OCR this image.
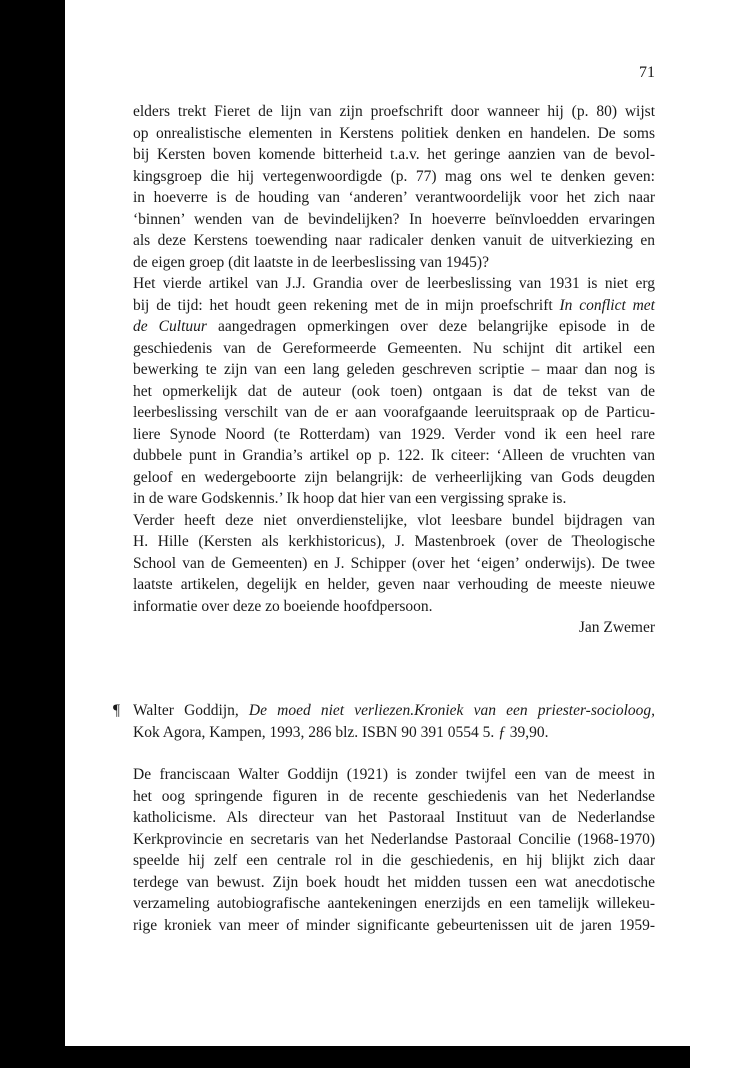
71
elders trekt Fieret de lijn van zijn proefschrift door wanneer hij (p. 80) wijst
op onrealistische elementen in Kerstens politiek denken en handelen. De soms
bij Kersten boven komende bitterheid t.a.v. het geringe aanzien van de bevol-
kingsgroep die hij vertegenwoordigde (p. 77) mag ons wel te denken geven:
in hoeverre is de houding van ‘anderen’ verantwoordelijk voor het zich naar
‘binnen’ wenden van de bevindelijken? In hoeverre beïnvloedden ervaringen
als deze Kerstens toewending naar radicaler denken vanuit de uitverkiezing en
de eigen groep (dit laatste in de leerbeslissing van 1945)?
Het vierde artikel van J.J. Grandia over de leerbeslissing van 1931 is niet erg
bij de tijd: het houdt geen rekening met de in mijn proefschrift In conflict met
de Cultuur aangedragen opmerkingen over deze belangrijke episode in de
geschiedenis van de Gereformeerde Gemeenten. Nu schijnt dit artikel een
bewerking te zijn van een lang geleden geschreven scriptie – maar dan nog is
het opmerkelijk dat de auteur (ook toen) ontgaan is dat de tekst van de
leerbeslissing verschilt van de er aan voorafgaande leeruitspraak op de Particu-
liere Synode Noord (te Rotterdam) van 1929. Verder vond ik een heel rare
dubbele punt in Grandia’s artikel op p. 122. Ik citeer: ‘Alleen de vruchten van
geloof en wedergeboorte zijn belangrijk: de verheerlijking van Gods deugden
in de ware Godskennis.’ Ik hoop dat hier van een vergissing sprake is.
Verder heeft deze niet onverdienstelijke, vlot leesbare bundel bijdragen van
H. Hille (Kersten als kerkhistoricus), J. Mastenbroek (over de Theologische
School van de Gemeenten) en J. Schipper (over het ‘eigen’ onderwijs). De twee
laatste artikelen, degelijk en helder, geven naar verhouding de meeste nieuwe
informatie over deze zo boeiende hoofdpersoon.
Jan Zwemer
¶ Walter Goddijn, De moed niet verliezen.Kroniek van een priester-socioloog,
Kok Agora, Kampen, 1993, 286 blz. ISBN 90 391 0554 5. ƒ 39,90.
De franciscaan Walter Goddijn (1921) is zonder twijfel een van de meest in
het oog springende figuren in de recente geschiedenis van het Nederlandse
katholicisme. Als directeur van het Pastoraal Instituut van de Nederlandse
Kerkprovincie en secretaris van het Nederlandse Pastoraal Concilie (1968-1970)
speelde hij zelf een centrale rol in die geschiedenis, en hij blijkt zich daar
terdege van bewust. Zijn boek houdt het midden tussen een wat anecdotische
verzameling autobiografische aantekeningen enerzijds en een tamelijk willekeu-
rige kroniek van meer of minder significante gebeurtenissen uit de jaren 1959-
